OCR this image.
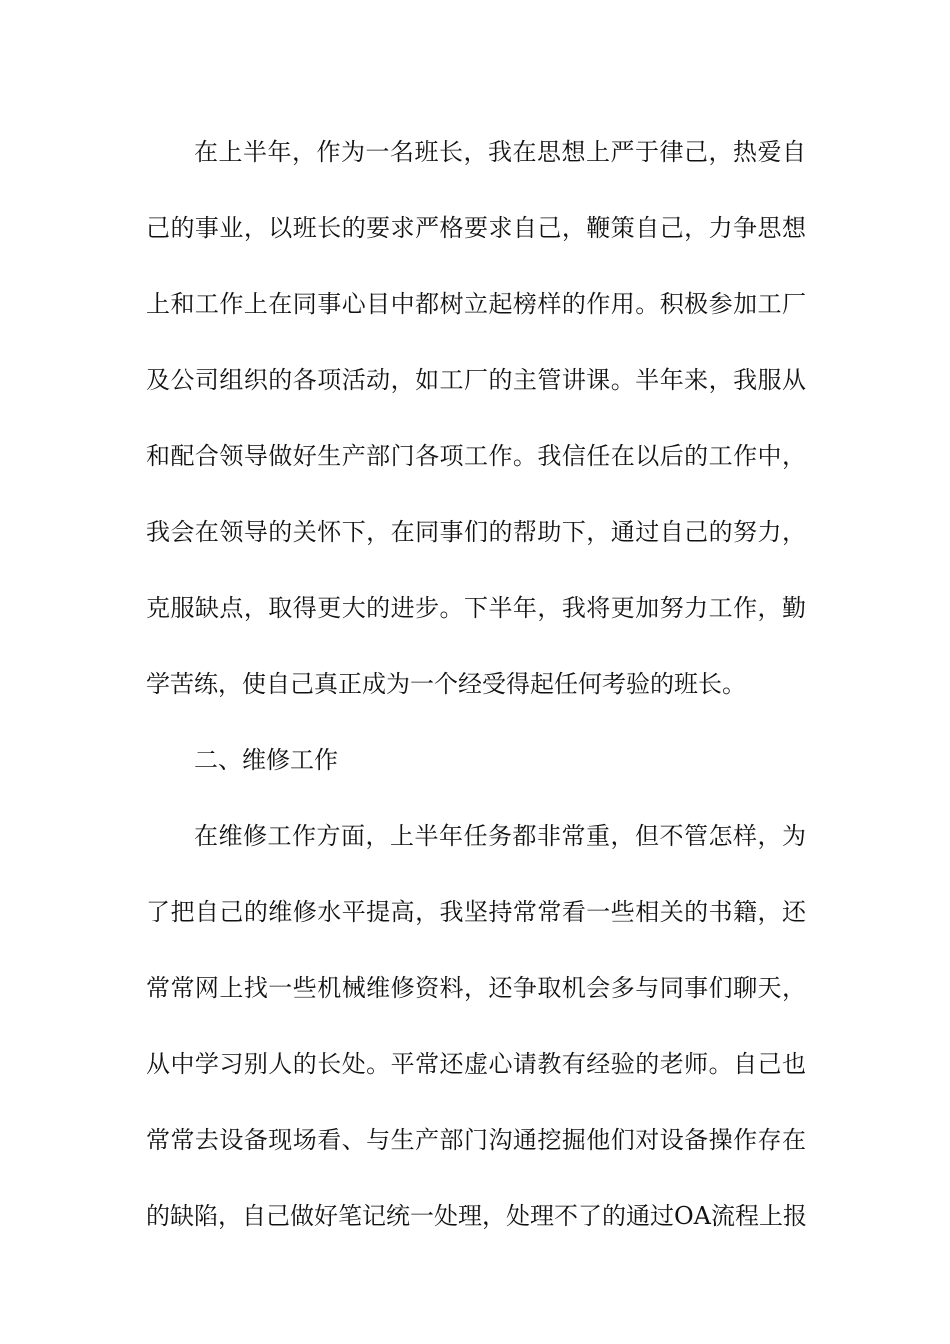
在上半年，作为一名班长，我在思想上严于律己，热爱自
己的事业，以班长的要求严格要求自己，鞭策自己，力争思想
上和工作上在同事心目中都树立起榜样的作用。积极参加工厂
及公司组织的各项活动，如工厂的主管讲课。半年来，我服从
和配合领导做好生产部门各项工作。我信任在以后的工作中，
我会在领导的关怀下，在同事们的帮助下，通过自己的努力，
克服缺点，取得更大的进步。下半年，我将更加努力工作，勤
学苦练，使自己真正成为一个经受得起任何考验的班长。
二、维修工作
在维修工作方面，上半年任务都非常重，但不管怎样，为
了把自己的维修水平提高，我坚持常常看一些相关的书籍，还
常常网上找一些机械维修资料，还争取机会多与同事们聊天，
从中学习别人的长处。平常还虚心请教有经验的老师。自己也
常常去设备现场看、与生产部门沟通挖掘他们对设备操作存在
的缺陷，自己做好笔记统一处理，处理不了的通过OA流程上报
